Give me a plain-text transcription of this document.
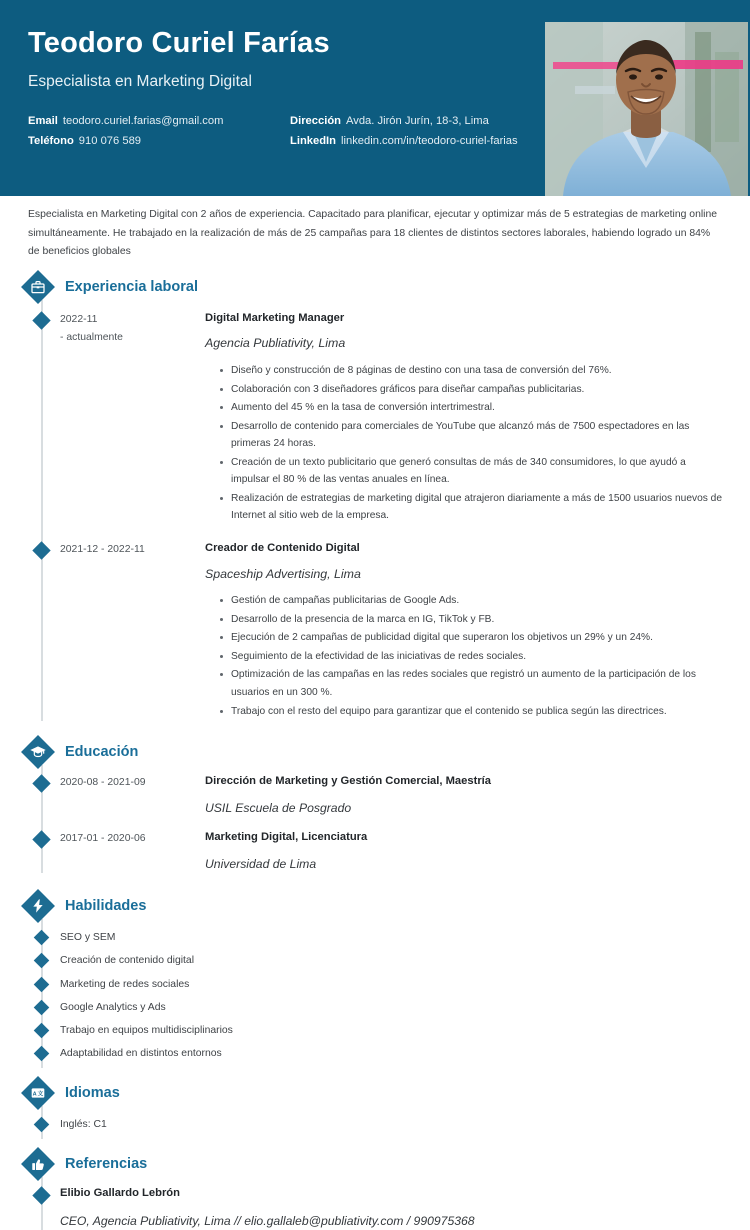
Teodoro Curiel Farías
Especialista en Marketing Digital
Email teodoro.curiel.farias@gmail.com	Dirección Avda. Jirón Jurín, 18-3, Lima
Teléfono 910 076 589	LinkedIn linkedin.com/in/teodoro-curiel-farias
Especialista en Marketing Digital con 2 años de experiencia. Capacitado para planificar, ejecutar y optimizar más de 5 estrategias de marketing online simultáneamente. He trabajado en la realización de más de 25 campañas para 18 clientes de distintos sectores laborales, habiendo logrado un 84% de beneficios globales
Experiencia laboral
2022-11
- actualmente
Digital Marketing Manager
Agencia Publiativity, Lima
Diseño y construcción de 8 páginas de destino con una tasa de conversión del 76%.
Colaboración con 3 diseñadores gráficos para diseñar campañas publicitarias.
Aumento del 45 % en la tasa de conversión intertrimestral.
Desarrollo de contenido para comerciales de YouTube que alcanzó más de 7500 espectadores en las primeras 24 horas.
Creación de un texto publicitario que generó consultas de más de 340 consumidores, lo que ayudó a impulsar el 80 % de las ventas anuales en línea.
Realización de estrategias de marketing digital que atrajeron diariamente a más de 1500 usuarios nuevos de Internet al sitio web de la empresa.
2021-12 - 2022-11	Creador de Contenido Digital
Spaceship Advertising, Lima
Gestión de campañas publicitarias de Google Ads.
Desarrollo de la presencia de la marca en IG, TikTok y FB.
Ejecución de 2 campañas de publicidad digital que superaron los objetivos un 29% y un 24%.
Seguimiento de la efectividad de las iniciativas de redes sociales.
Optimización de las campañas en las redes sociales que registró un aumento de la participación de los usuarios en un 300 %.
Trabajo con el resto del equipo para garantizar que el contenido se publica según las directrices.
Educación
2020-08 - 2021-09	Dirección de Marketing y Gestión Comercial, Maestría
USIL Escuela de Posgrado
2017-01 - 2020-06	Marketing Digital, Licenciatura
Universidad de Lima
Habilidades
SEO y SEM
Creación de contenido digital
Marketing de redes sociales
Google Analytics y Ads
Trabajo en equipos multidisciplinarios
Adaptabilidad en distintos entornos
A 文 Idiomas
Inglés: C1
Referencias
Elibio Gallardo Lebrón
CEO, Agencia Publiativity, Lima // elio.gallaleb@publiativity.com / 990975368
